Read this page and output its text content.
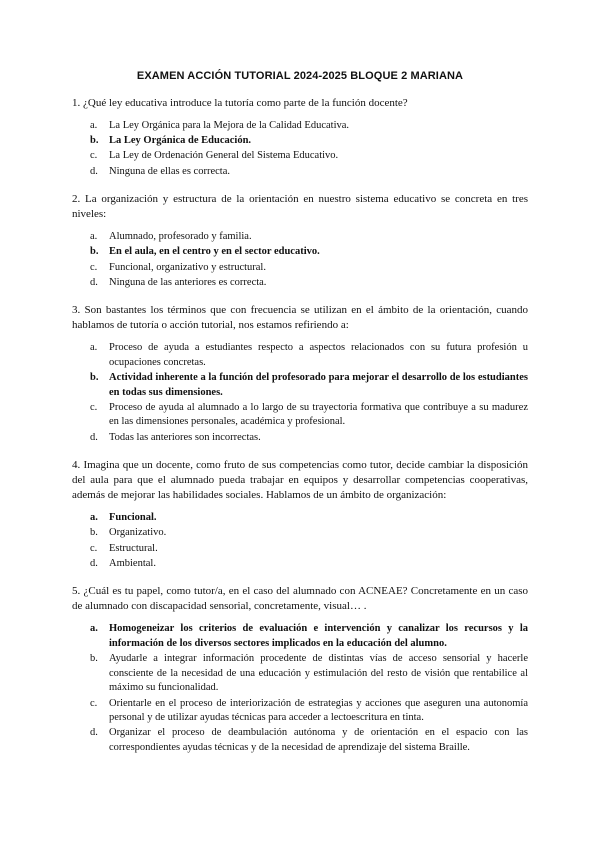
EXAMEN ACCIÓN TUTORIAL 2024-2025 BLOQUE 2 MARIANA

1. ¿Qué ley educativa introduce la tutoría como parte de la función docente?

a.	La Ley Orgánica para la Mejora de la Calidad Educativa.
b.	La Ley Orgánica de Educación.
c.	La Ley de Ordenación General del Sistema Educativo.
d.	Ninguna de ellas es correcta.

2. La organización y estructura de la orientación en nuestro sistema educativo se concreta en tres niveles:

a.	Alumnado, profesorado y familia.
b.	En el aula, en el centro y en el sector educativo.
c.	Funcional, organizativo y estructural.
d.	Ninguna de las anteriores es correcta.

3. Son bastantes los términos que con frecuencia se utilizan en el ámbito de la orientación, cuando hablamos de tutoría o acción tutorial, nos estamos refiriendo a:

a.	Proceso de ayuda a estudiantes respecto a aspectos relacionados con su futura profesión u ocupaciones concretas.
b.	Actividad inherente a la función del profesorado para mejorar el desarrollo de los estudiantes en todas sus dimensiones.
c.	Proceso de ayuda al alumnado a lo largo de su trayectoria formativa que contribuye a su madurez en las dimensiones personales, académica y profesional.
d.	Todas las anteriores son incorrectas.

4. Imagina que un docente, como fruto de sus competencias como tutor, decide cambiar la disposición del aula para que el alumnado pueda trabajar en equipos y desarrollar competencias cooperativas, además de mejorar las habilidades sociales. Hablamos de un ámbito de organización:

a.	Funcional.
b.	Organizativo.
c.	Estructural.
d.	Ambiental.

5. ¿Cuál es tu papel, como tutor/a, en el caso del alumnado con ACNEAE? Concretamente en un caso de alumnado con discapacidad sensorial, concretamente, visual… .

a.	Homogeneizar los criterios de evaluación e intervención y canalizar los recursos y la información de los diversos sectores implicados en la educación del alumno.
b.	Ayudarle a integrar información procedente de distintas vías de acceso sensorial y hacerle consciente de la necesidad de una educación y estimulación del resto de visión que rentabilice al máximo su funcionalidad.
c.	Orientarle en el proceso de interiorización de estrategias y acciones que aseguren una autonomía personal y de utilizar ayudas técnicas para acceder a lectoescritura en tinta.
d.	Organizar el proceso de deambulación autónoma y de orientación en el espacio con las correspondientes ayudas técnicas y de la necesidad de aprendizaje del sistema Braille.
